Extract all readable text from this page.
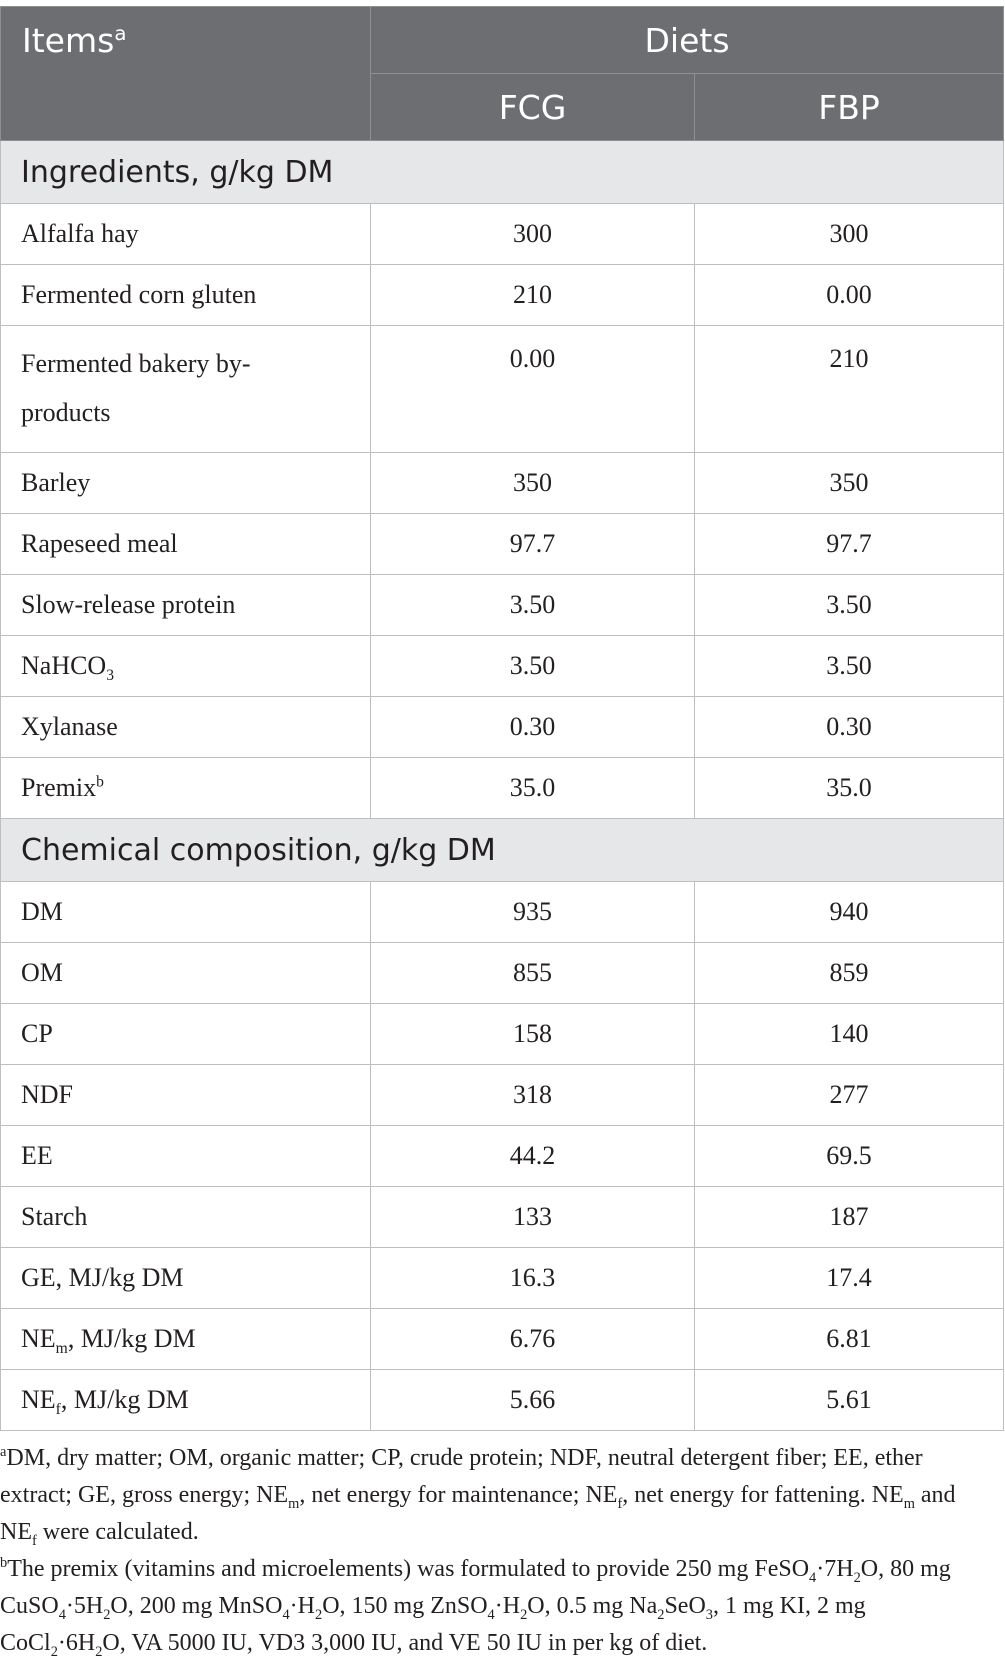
Items$^a$	Diets	
	FCG	FBP
Ingredients, g/kg DM		
Alfalfa hay	300	300
Fermented corn gluten	210	0.00
Fermented bakery by-
products	0.00	210
Barley	350	350
Rapeseed meal	97.7	97.7
Slow-release protein	3.50	3.50
NaHCO$_3$	3.50	3.50
Xylanase	0.30	0.30
Premix$^b$	35.0	35.0
Chemical composition, g/kg DM		
DM	935	940
OM	855	859
CP	158	140
NDF	318	277
EE	44.2	69.5
Starch	133	187
GE, MJ/kg DM	16.3	17.4
$NE_m$, MJ/kg DM	6.76	6.81
$NE_f$, MJ/kg DM	5.66	5.61

$^a$DM, dry matter; OM, organic matter; CP, crude protein; NDF, neutral detergent fiber; EE, ether extract; GE, gross energy; $NE_m$, net energy for maintenance; $NE_f$, net energy for fattening. $NE_m$ and $NE_f$ were calculated.

$^b$The premix (vitamins and microelements) was formulated to provide 250 mg $FeSO_4\cdot 7H_2O$, 80 mg $CuSO_4\cdot 5H_2O$, 200 mg $MnSO_4\cdot H_2O$, 150 mg $ZnSO_4\cdot H_2O$, 0.5 mg $Na_2SeO_3$, 1 mg KI, 2 mg $CoCl_2\cdot 6H_2O$, VA 5000 IU, VD3 3,000 IU, and VE 50 IU in per kg of diet.
